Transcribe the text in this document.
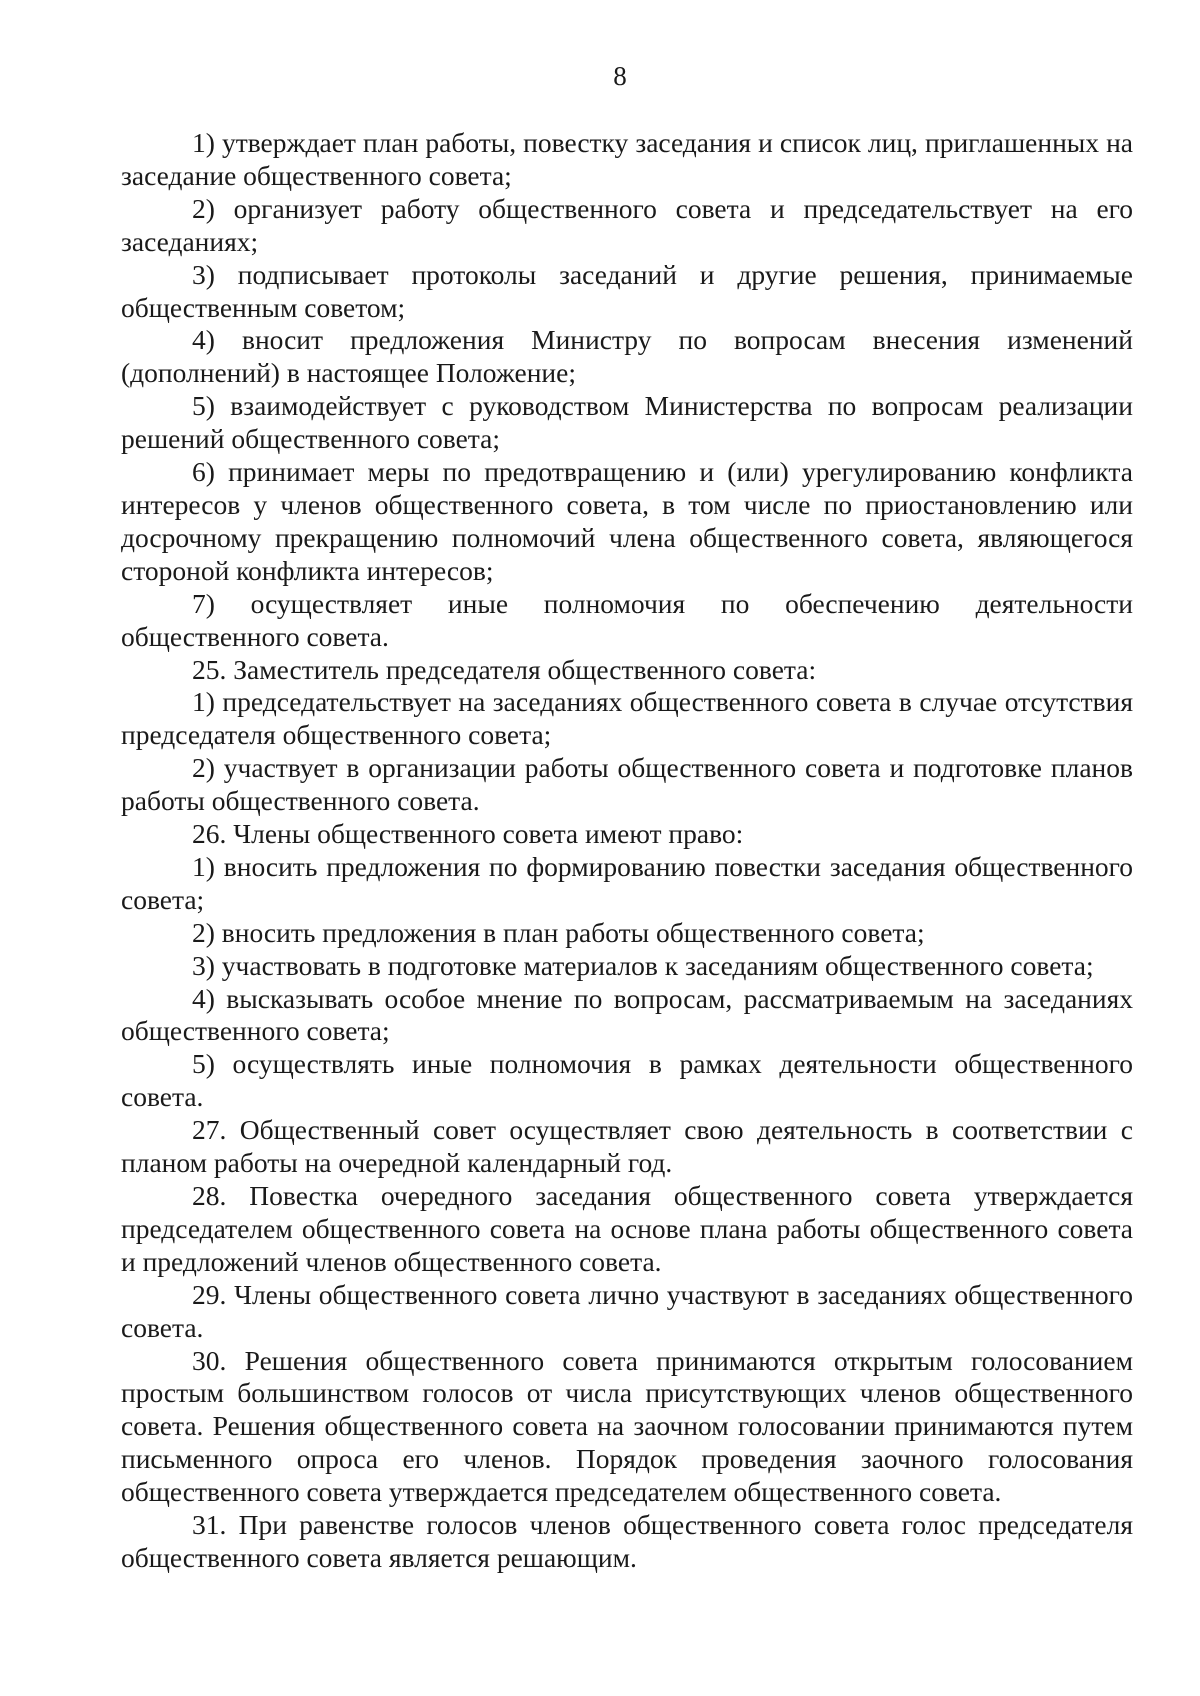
8

1) утверждает план работы, повестку заседания и список лиц, приглашенных на заседание общественного совета;

2) организует работу общественного совета и председательствует на его заседаниях;

3) подписывает протоколы заседаний и другие решения, принимаемые общественным советом;

4) вносит предложения Министру по вопросам внесения изменений (дополнений) в настоящее Положение;

5) взаимодействует с руководством Министерства по вопросам реализации решений общественного совета;

6) принимает меры по предотвращению и (или) урегулированию конфликта интересов у членов общественного совета, в том числе по приостановлению или досрочному прекращению полномочий члена общественного совета, являющегося стороной конфликта интересов;

7) осуществляет иные полномочия по обеспечению деятельности общественного совета.

25. Заместитель председателя общественного совета:

1) председательствует на заседаниях общественного совета в случае отсутствия председателя общественного совета;

2) участвует в организации работы общественного совета и подготовке планов работы общественного совета.

26. Члены общественного совета имеют право:

1) вносить предложения по формированию повестки заседания общественного совета;

2) вносить предложения в план работы общественного совета;

3) участвовать в подготовке материалов к заседаниям общественного совета;

4) высказывать особое мнение по вопросам, рассматриваемым на заседаниях общественного совета;

5) осуществлять иные полномочия в рамках деятельности общественного совета.

27. Общественный совет осуществляет свою деятельность в соответствии с планом работы на очередной календарный год.

28. Повестка очередного заседания общественного совета утверждается председателем общественного совета на основе плана работы общественного совета и предложений членов общественного совета.

29. Члены общественного совета лично участвуют в заседаниях общественного совета.

30. Решения общественного совета принимаются открытым голосованием простым большинством голосов от числа присутствующих членов общественного совета. Решения общественного совета на заочном голосовании принимаются путем письменного опроса его членов. Порядок проведения заочного голосования общественного совета утверждается председателем общественного совета.

31. При равенстве голосов членов общественного совета голос председателя общественного совета является решающим.
